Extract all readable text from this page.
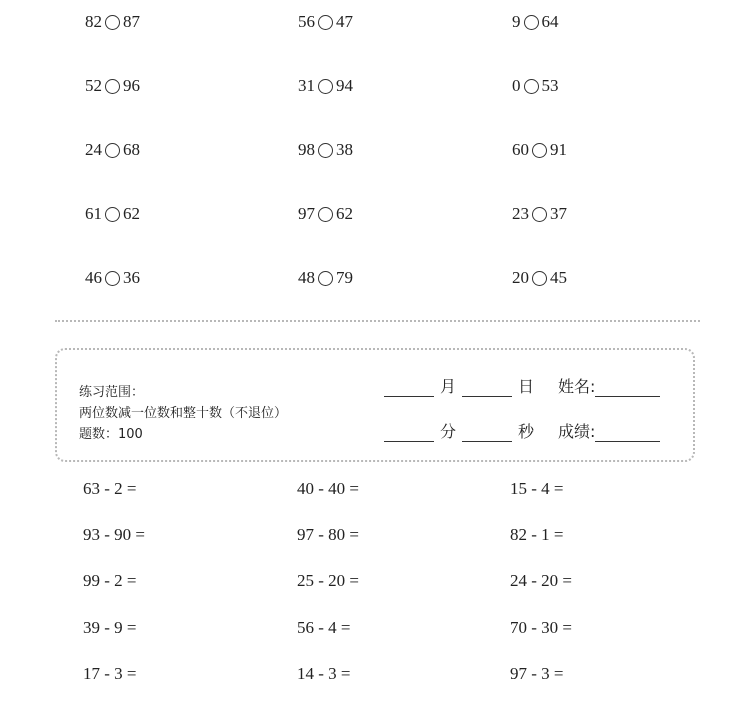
82 87	56 47	9 64
52 96	31 94	0 53
24 68	98 38	60 91
61 62	97 62	23 37
46 36	48 79	20 45
练习范围：
两位数减一位数和整十数（不退位）
题数：100
月	日 姓名:
分	秒 成绩:
63 - 2 =	40 - 40 =	15 - 4 =
93 - 90 =	97 - 80 =	82 - 1 =
99 - 2 =	25 - 20 =	24 - 20 =
39 - 9 =	56 - 4 =	70 - 30 =
17 - 3 =	14 - 3 =	97 - 3 =
